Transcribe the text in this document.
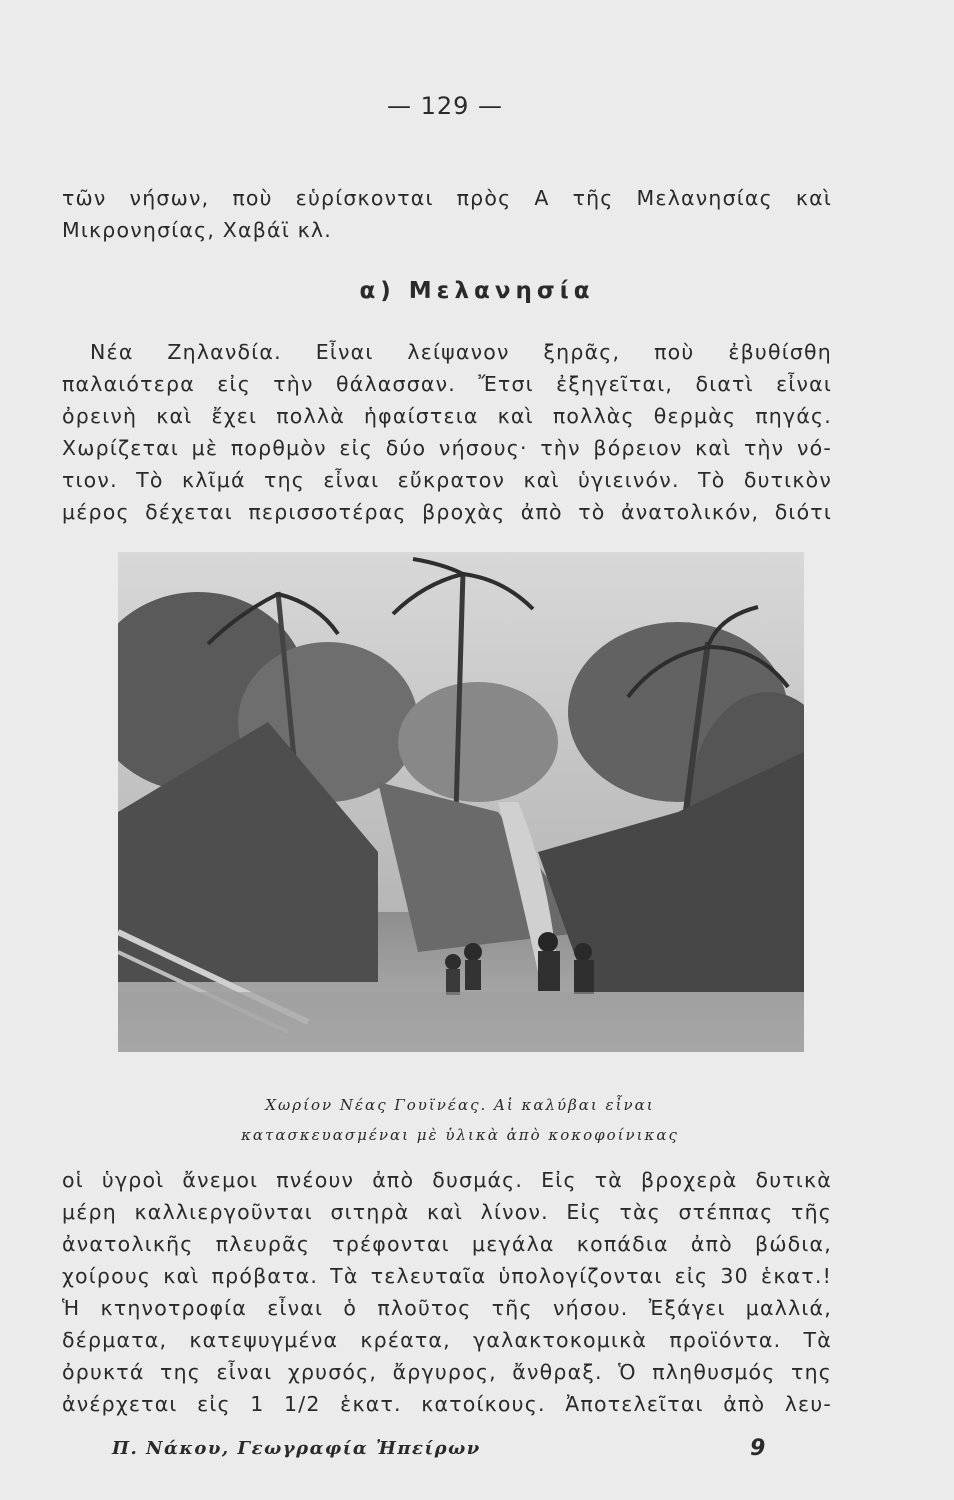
— 129 —
τῶν νήσων, ποὺ εὑρίσκονται πρὸς Α τῆς Μελανησίας καὶ
Μικρονησίας, Χαβάϊ κλ.
α) Μελανησία
Νέα Ζηλανδία. Εἶναι λείψανον ξηρᾶς, ποὺ ἐβυθίσθη
παλαιότερα εἰς τὴν θάλασσαν. Ἔτσι ἐξηγεῖται, διατὶ εἶναι
ὀρεινὴ καὶ ἔχει πολλὰ ἡφαίστεια καὶ πολλὰς θερμὰς πηγάς.
Χωρίζεται μὲ πορθμὸν εἰς δύο νήσους· τὴν βόρειον καὶ τὴν νό-
τιον. Τὸ κλῖμά της εἶναι εὔκρατον καὶ ὑγιεινόν. Τὸ δυτικὸν
μέρος δέχεται περισσοτέρας βροχὰς ἀπὸ τὸ ἀνατολικόν, διότι
Χωρίον Νέας Γουϊνέας. Αἱ καλύβαι εἶναι
κατασκευασμέναι μὲ ὑλικὰ ἀπὸ κοκοφοίνικας
οἱ ὑγροὶ ἄνεμοι πνέουν ἀπὸ δυσμάς. Εἰς τὰ βροχερὰ δυτικὰ
μέρη καλλιεργοῦνται σιτηρὰ καὶ λίνον. Εἰς τὰς στέππας τῆς
ἀνατολικῆς πλευρᾶς τρέφονται μεγάλα κοπάδια ἀπὸ βώδια,
χοίρους καὶ πρόβατα. Τὰ τελευταῖα ὑπολογίζονται εἰς 30 ἑκατ.!
Ἡ κτηνοτροφία εἶναι ὁ πλοῦτος τῆς νήσου. Ἐξάγει μαλλιά,
δέρματα, κατεψυγμένα κρέατα, γαλακτοκομικὰ προϊόντα. Τὰ
ὀρυκτά της εἶναι χρυσός, ἄργυρος, ἄνθραξ. Ὁ πληθυσμός της
ἀνέρχεται εἰς 1 1/2 ἑκατ. κατοίκους. Ἀποτελεῖται ἀπὸ λευ-
Π. Νάκου, Γεωγραφία Ἠπείρων	9
